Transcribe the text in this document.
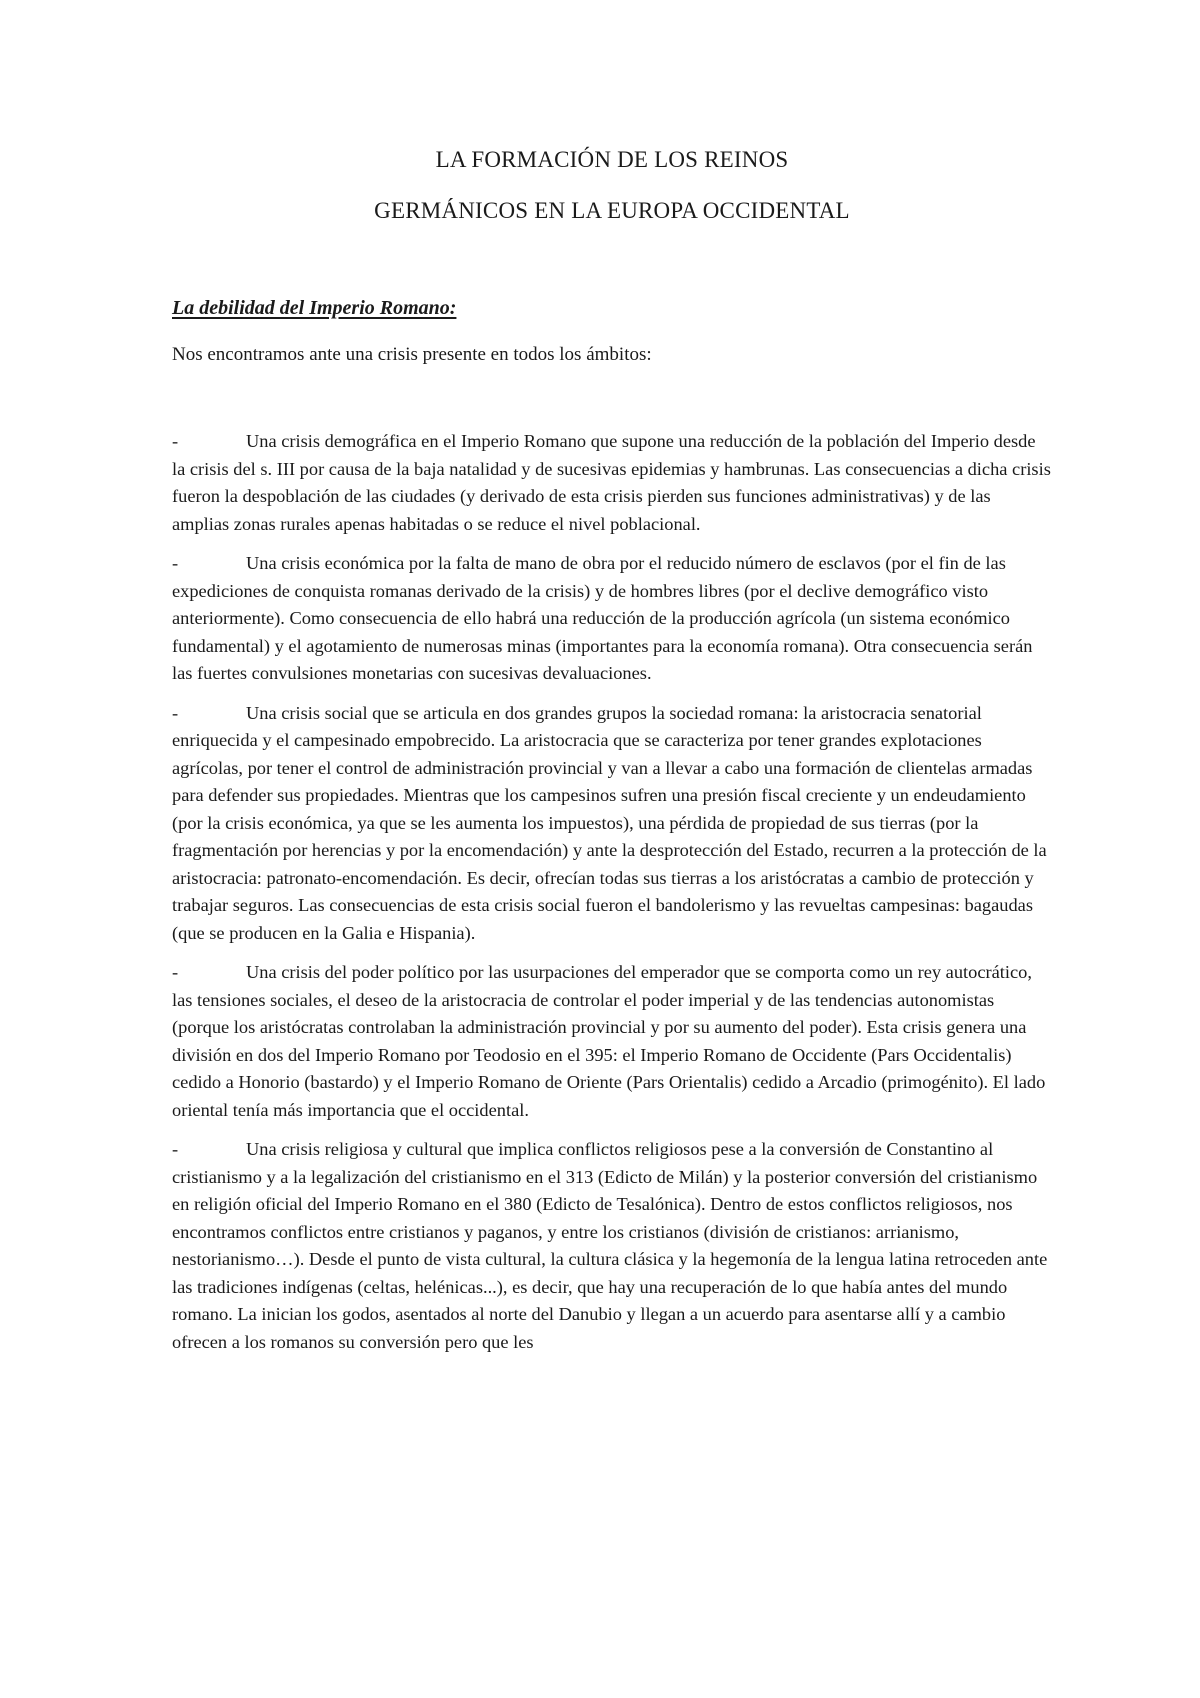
LA FORMACIÓN DE LOS REINOS
GERMÁNICOS EN LA EUROPA OCCIDENTAL
La debilidad del Imperio Romano:
Nos encontramos ante una crisis presente en todos los ámbitos:

-	Una crisis demográfica en el Imperio Romano que supone una reducción de la población del Imperio desde la crisis del s. III por causa de la baja natalidad y de sucesivas epidemias y hambrunas. Las consecuencias a dicha crisis fueron la despoblación de las ciudades (y derivado de esta crisis pierden sus funciones administrativas) y de las amplias zonas rurales apenas habitadas o se reduce el nivel poblacional.

-	Una crisis económica por la falta de mano de obra por el reducido número de esclavos (por el fin de las expediciones de conquista romanas derivado de la crisis) y de hombres libres (por el declive demográfico visto anteriormente). Como consecuencia de ello habrá una reducción de la producción agrícola (un sistema económico fundamental) y el agotamiento de numerosas minas (importantes para la economía romana). Otra consecuencia serán las fuertes convulsiones monetarias con sucesivas devaluaciones.

-	Una crisis social que se articula en dos grandes grupos la sociedad romana: la aristocracia senatorial enriquecida y el campesinado empobrecido. La aristocracia que se caracteriza por tener grandes explotaciones agrícolas, por tener el control de administración provincial y van a llevar a cabo una formación de clientelas armadas para defender sus propiedades. Mientras que los campesinos sufren una presión fiscal creciente y un endeudamiento (por la crisis económica, ya que se les aumenta los impuestos), una pérdida de propiedad de sus tierras (por la fragmentación por herencias y por la encomendación) y ante la desprotección del Estado, recurren a la protección de la aristocracia: patronato-encomendación. Es decir, ofrecían todas sus tierras a los aristócratas a cambio de protección y trabajar seguros. Las consecuencias de esta crisis social fueron el bandolerismo y las revueltas campesinas: bagaudas (que se producen en la Galia e Hispania).

-	Una crisis del poder político por las usurpaciones del emperador que se comporta como un rey autocrático, las tensiones sociales, el deseo de la aristocracia de controlar el poder imperial y de las tendencias autonomistas (porque los aristócratas controlaban la administración provincial y por su aumento del poder). Esta crisis genera una división en dos del Imperio Romano por Teodosio en el 395: el Imperio Romano de Occidente (Pars Occidentalis) cedido a Honorio (bastardo) y el Imperio Romano de Oriente (Pars Orientalis) cedido a Arcadio (primogénito). El lado oriental tenía más importancia que el occidental.

-	Una crisis religiosa y cultural que implica conflictos religiosos pese a la conversión de Constantino al cristianismo y a la legalización del cristianismo en el 313 (Edicto de Milán) y la posterior conversión del cristianismo en religión oficial del Imperio Romano en el 380 (Edicto de Tesalónica). Dentro de estos conflictos religiosos, nos encontramos conflictos entre cristianos y paganos, y entre los cristianos (división de cristianos: arrianismo, nestorianismo…). Desde el punto de vista cultural, la cultura clásica y la hegemonía de la lengua latina retroceden ante las tradiciones indígenas (celtas, helénicas...), es decir, que hay una recuperación de lo que había antes del mundo romano. La inician los godos, asentados al norte del Danubio y llegan a un acuerdo para asentarse allí y a cambio ofrecen a los romanos su conversión pero que les
